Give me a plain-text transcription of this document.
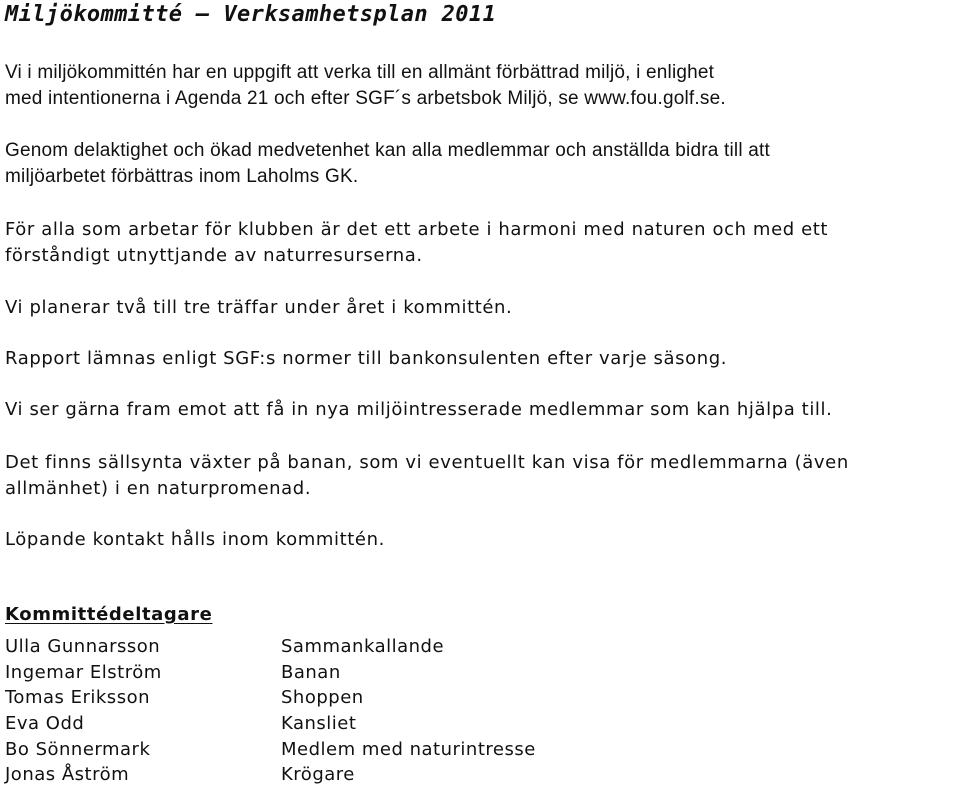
Miljökommitté – Verksamhetsplan 2011
Vi i miljökommittén har en uppgift att verka till en allmänt förbättrad miljö, i enlighet
med intentionerna i Agenda 21 och efter SGF´s arbetsbok Miljö, se www.fou.golf.se.
Genom delaktighet och ökad medvetenhet kan alla medlemmar och anställda bidra till att
miljöarbetet förbättras inom Laholms GK.
För alla som arbetar för klubben är det ett arbete i harmoni med naturen och med ett
förståndigt utnyttjande av naturresurserna.
Vi planerar två till tre träffar under året i kommittén.
Rapport lämnas enligt SGF:s normer till bankonsulenten efter varje säsong.
Vi ser gärna fram emot att få in nya miljöintresserade medlemmar som kan hjälpa till.
Det finns sällsynta växter på banan, som vi eventuellt kan visa för medlemmarna (även
allmänhet) i en naturpromenad.
Löpande kontakt hålls inom kommittén.
Kommittédeltagare
Ulla Gunnarsson	Sammankallande
Ingemar Elström	Banan
Tomas Eriksson	Shoppen
Eva Odd	Kansliet
Bo Sönnermark	Medlem med naturintresse
Jonas Åström	Krögare
